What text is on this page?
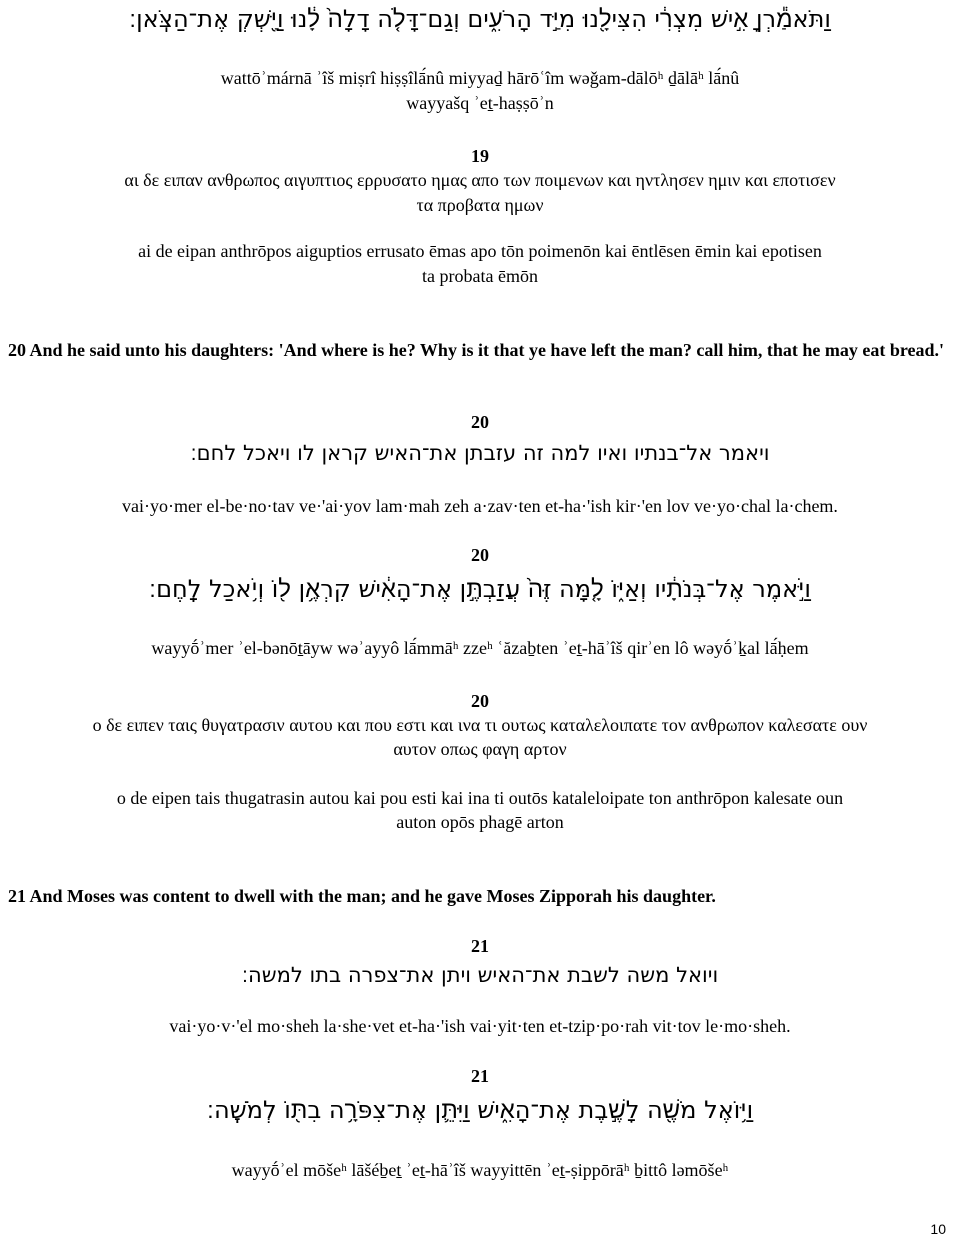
וַתֹּאמַ֕רְןָ אִ֣ישׁ מִצְרִ֔י הִצִּילָ֖נוּ מִיַּ֣ד הָרֹעִ֑ים וְגַם־דָּלֹ֤ה דָלָה֙ לָ֔נוּ וַיַּ֖שְׁקְ אֶת־הַצֹּֽאן׃
wattōʾmárnā ʾîš miṣrî hiṣṣîlā́nû miyyaḏ hārōʿîm wəǧam-dālōʰ ḏālāʰ lā́nû
wayyašq ʾeṯ-haṣṣōʾn
19
αι δε ειπαν ανθρωπος αιγυπτιος ερρυσατο ημας απο των ποιμενων και ηντλησεν ημιν και εποτισεν
τα προβατα ημων
ai de eipan anthrōpos aiguptios errusato ēmas apo tōn poimenōn kai ēntlēsen ēmin kai epotisen
ta probata ēmōn
20 And he said unto his daughters: 'And where is he? Why is it that ye have left the man? call him, that he may eat bread.'
20
ויאמר אל־בנתיו ואיו למה זה עזבתן את־האיש קראן לו ויאכל לחם׃
vai·yo·mer el-be·no·tav ve·'ai·yov lam·mah zeh a·zav·ten et-ha·'ish kir·'en lov ve·yo·chal la·chem.
20
וַיֹּ֣אמֶר אֶל־בְּנֹתָ֔יו וְאַיּ֑וֹ לָ֤מָּה זֶּה֙ עֲזַבְתֶּ֣ן אֶת־הָאִ֔ישׁ קִרְאֶ֥ן ל֖וֹ וְיֹ֥אכַל לָֽחֶם׃
wayyṓʾmer ʾel-bənōṯāyw wəʾayyô lā́mmāʰ zzeʰ ʿăzaḇten ʾeṯ-hāʾîš qirʾen lô wəyṓʾḵal lā́ḥem
20
ο δε ειπεν ταις θυγατρασιν αυτου και που εστι και ινα τι ουτως καταλελοιπατε τον ανθρωπον καλεσατε ουν
αυτον οπως φαγη αρτον
o de eipen tais thugatrasin autou kai pou esti kai ina ti outōs kataleloipate ton anthrōpon kalesate oun
auton opōs phagē arton
21 And Moses was content to dwell with the man; and he gave Moses Zipporah his daughter.
21
ויואל משה לשבת את־האיש ויתן את־צפרה בתו למשה׃
vai·yo·v·'el mo·sheh la·she·vet et-ha·'ish vai·yit·ten et-tzip·po·rah vit·tov le·mo·sheh.
21
וַיּ֥וֹאֶל מֹשֶׁ֖ה לָשֶׁ֣בֶת אֶת־הָאִ֑ישׁ וַיִּתֵּ֛ן אֶת־צִפֹּרָ֥ה בִתּ֖וֹ לְמֹשֶֽׁה׃
wayyṓʾel mōšeʰ lāšéḇeṯ ʾeṯ-hāʾîš wayyittēn ʾeṯ-ṣippōrāʰ ḇittô ləmōšeʰ
10
